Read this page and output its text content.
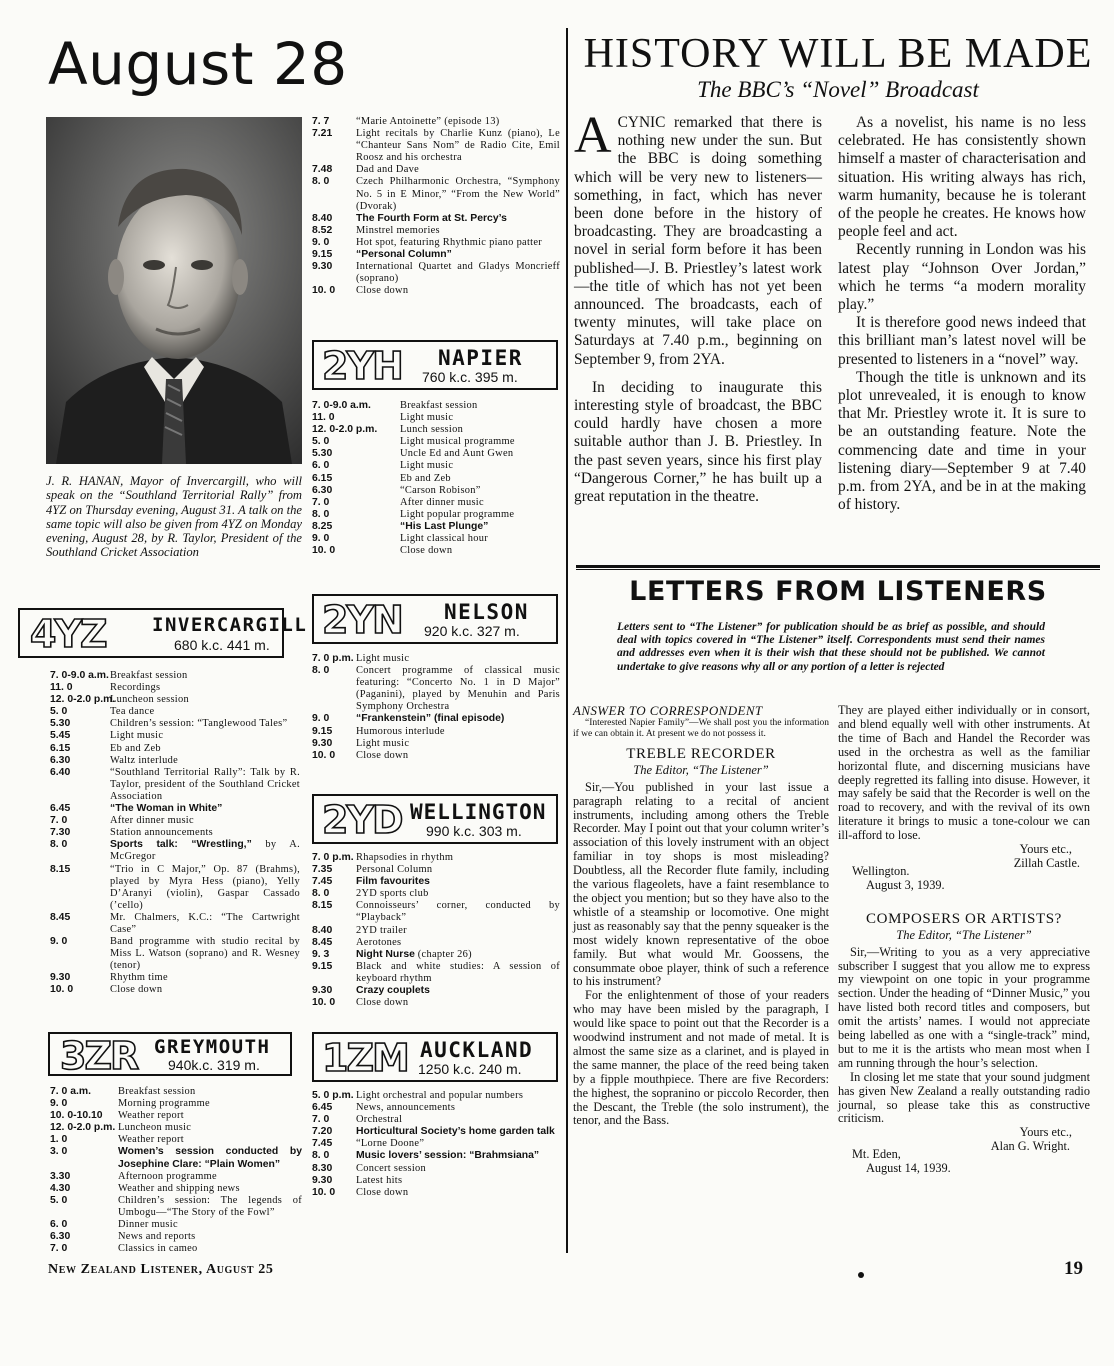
August 28
J. R. HANAN, Mayor of Invercargill, who will speak on the “Southland Territorial Rally” from 4YZ on Thursday evening, August 31. A talk on the same topic will also be given from 4YZ on Monday evening, August 28, by R. Taylor, President of the Southland Cricket Association
4YZ INVERCARGILL
680 k.c. 441 m.
7. 0-9.0 a.m. Breakfast session
11. 0	Recordings
12. 0-2.0 p.m.
Luncheon session
5. 0	Tea dance
5.30	Children’s session: “Tanglewood Tales”
5.45	Light music
6.15	Eb and Zeb
6.30	Waltz interlude
6.40	“Southland Territorial Rally”: Talk by R. Taylor, president of the Southland Cricket Association
6.45	“The Woman in White”
7. 0	After dinner music
7.30	Station announcements
8. 0	Sports talk: “Wrestling,” by A. McGregor
8.15	“Trio in C Major,” Op. 87 (Brahms), played by Myra Hess (piano), Yelly D’Aranyi (violin), Gaspar Cassado (’cello)
8.45	Mr. Chalmers, K.C.: “The Cartwright Case”
9. 0	Band programme with studio recital by Miss L. Watson (soprano) and R. Wesney (tenor)
9.30	Rhythm time
10. 0	Close down
3ZR GREYMOUTH
940k.c. 319 m.
7. 0 a.m.	Breakfast session
9. 0	Morning programme
10. 0-10.10	Weather report
12. 0-2.0 p.m. Luncheon music
1. 0	Weather report
3. 0	Women’s session conducted by Josephine Clare: “Plain Women”
3.30	Afternoon programme
4.30	Weather and shipping news
5. 0	Children’s session: The legends of Umbogu—“The Story of the Fowl”
6. 0	Dinner music
6.30	News and reports
7. 0	Classics in cameo
7. 7	“Marie Antoinette” (episode 13)
7.21	Light recitals by Charlie Kunz (piano), Le “Chanteur Sans Nom” de Radio Cite, Emil Roosz and his orchestra
7.48	Dad and Dave
8. 0	Czech Philharmonic Orchestra, “Symphony No. 5 in E Minor,” “From the New World” (Dvorak)
8.40	The Fourth Form at St. Percy’s
8.52	Minstrel memories
9. 0	Hot spot, featuring Rhythmic piano patter
9.15	“Personal Column”
9.30	International Quartet and Gladys Moncrieff (soprano)
10. 0	Close down
2YH NAPIER
760 k.c. 395 m.
7. 0-9.0 a.m.	Breakfast session
11. 0	Light music
12. 0-2.0 p.m.	Lunch session
5. 0	Light musical programme
5.30	Uncle Ed and Aunt Gwen
6. 0	Light music
6.15	Eb and Zeb
6.30	“Carson Robison”
7. 0	After dinner music
8. 0	Light popular programme
8.25	“His Last Plunge”
9. 0	Light classical hour
10. 0	Close down
2YN NELSON
920 k.c. 327 m.
7. 0 p.m. Light music
8. 0	Concert programme of classical music featuring: “Concerto No. 1 in D Major” (Paganini), played by Menuhin and Paris Symphony Orchestra
9. 0	“Frankenstein” (final episode)
9.15	Humorous interlude
9.30	Light music
10. 0	Close down
2YD WELLINGTON
990 k.c. 303 m.
7. 0 p.m. Rhapsodies in rhythm
7.35	Personal Column
7.45	Film favourites
8. 0	2YD sports club
8.15	Connoisseurs’ corner, conducted by “Playback”
8.40	2YD trailer
8.45	Aerotones
9. 3	Night Nurse (chapter 26)
9.15	Black and white studies: A session of keyboard rhythm
9.30	Crazy couplets
10. 0	Close down
1ZM AUCKLAND
1250 k.c. 240 m.
5. 0 p.m. Light orchestral and popular numbers
6.45	News, announcements
7. 0	Orchestral
7.20	Horticultural Society’s home garden talk
7.45	“Lorne Doone”
8. 0	Music lovers’ session: “Brahmsiana”
8.30	Concert session
9.30	Latest hits
10. 0	Close down
HISTORY WILL BE MADE
The BBC’s “Novel” Broadcast

ACYNIC remarked that there is nothing new under the sun. But the BBC is doing something which will be very new to listeners—something, in fact, which has never been done before in the history of broadcasting. They are broadcasting a novel in serial form before it has been published—J. B. Priestley’s latest work—the title of which has not yet been announced. The broadcasts, each of twenty minutes, will take place on Saturdays at 7.40 p.m., beginning on September 9, from 2YA.

In deciding to inaugurate this interesting style of broadcast, the BBC could hardly have chosen a more suitable author than J. B. Priestley. In the past seven years, since his first play “Dangerous Corner,” he has built up a great reputation in the theatre.

As a novelist, his name is no less celebrated. He has consistently shown himself a master of characterisation and situation. His writing always has rich, warm humanity, because he is tolerant of the people he creates. He knows how people feel and act.

Recently running in London was his latest play “Johnson Over Jordan,” which he terms “a modern morality play.”

It is therefore good news indeed that this brilliant man’s latest novel will be presented to listeners in a “novel” way.

Though the title is unknown and its plot unrevealed, it is enough to know that Mr. Priestley wrote it. It is sure to be an outstanding feature. Note the commencing date and time in your listening diary—September 9 at 7.40 p.m. from 2YA, and be in at the making of history.

LETTERS FROM LISTENERS
Letters sent to “The Listener” for publication should be as brief as possible, and should deal with topics covered in “The Listener” itself. Correspondents must send their names and addresses even when it is their wish that these should not be published. We cannot undertake to give reasons why all or any portion of a letter is rejected
ANSWER TO CORRESPONDENT

“Interested Napier Family”—We shall post you the information if we can obtain it. At present we do not possess it.

TREBLE RECORDER
The Editor, “The Listener”

Sir,—You published in your last issue a paragraph relating to a recital of ancient instruments, including among others the Treble Recorder. May I point out that your column writer’s association of this lovely instrument with an object familiar in toy shops is most misleading? Doubtless, all the Recorder flute family, including the various flageolets, have a faint resemblance to the object you mention; but so they have also to the whistle of a steamship or locomotive. One might just as reasonably say that the penny squeaker is the most widely known representative of the oboe family. But what would Mr. Goossens, the consummate oboe player, think of such a reference to his instrument?

For the enlightenment of those of your readers who may have been misled by the paragraph, I would like space to point out that the Recorder is a woodwind instrument and not made of metal. It is almost the same size as a clarinet, and is played in the same manner, the place of the reed being taken by a fipple mouthpiece. There are five Recorders: the highest, the sopranino or piccolo Recorder, then the Descant, the Treble (the solo instrument), the tenor, and the Bass.

They are played either individually or in consort, and blend equally well with other instruments. At the time of Bach and Handel the Recorder was used in the orchestra as well as the familiar horizontal flute, and discerning musicians have deeply regretted its falling into disuse. However, it may safely be said that the Recorder is well on the road to recovery, and with the revival of its own literature it brings to music a tone-colour we can ill-afford to lose.

Yours etc.,
Wellington.
Zillah Castle.
August 3, 1939.
COMPOSERS OR ARTISTS?
The Editor, “The Listener”

Sir,—Writing to you as a very appreciative subscriber I suggest that you allow me to express my viewpoint on one topic in your programme section. Under the heading of “Dinner Music,” you have listed both record titles and composers, but omit the artists’ names. I would not appreciate being labelled as one with a “single-track” mind, but to me it is the artists who mean most when I am running through the hour’s selection.

In closing let me state that your sound judgment has given New Zealand a really outstanding radio journal, so please take this as constructive criticism.

Yours etc.,
Mt. Eden,
Alan G. Wright.
August 14, 1939.
New Zealand Listener, August 25	19
